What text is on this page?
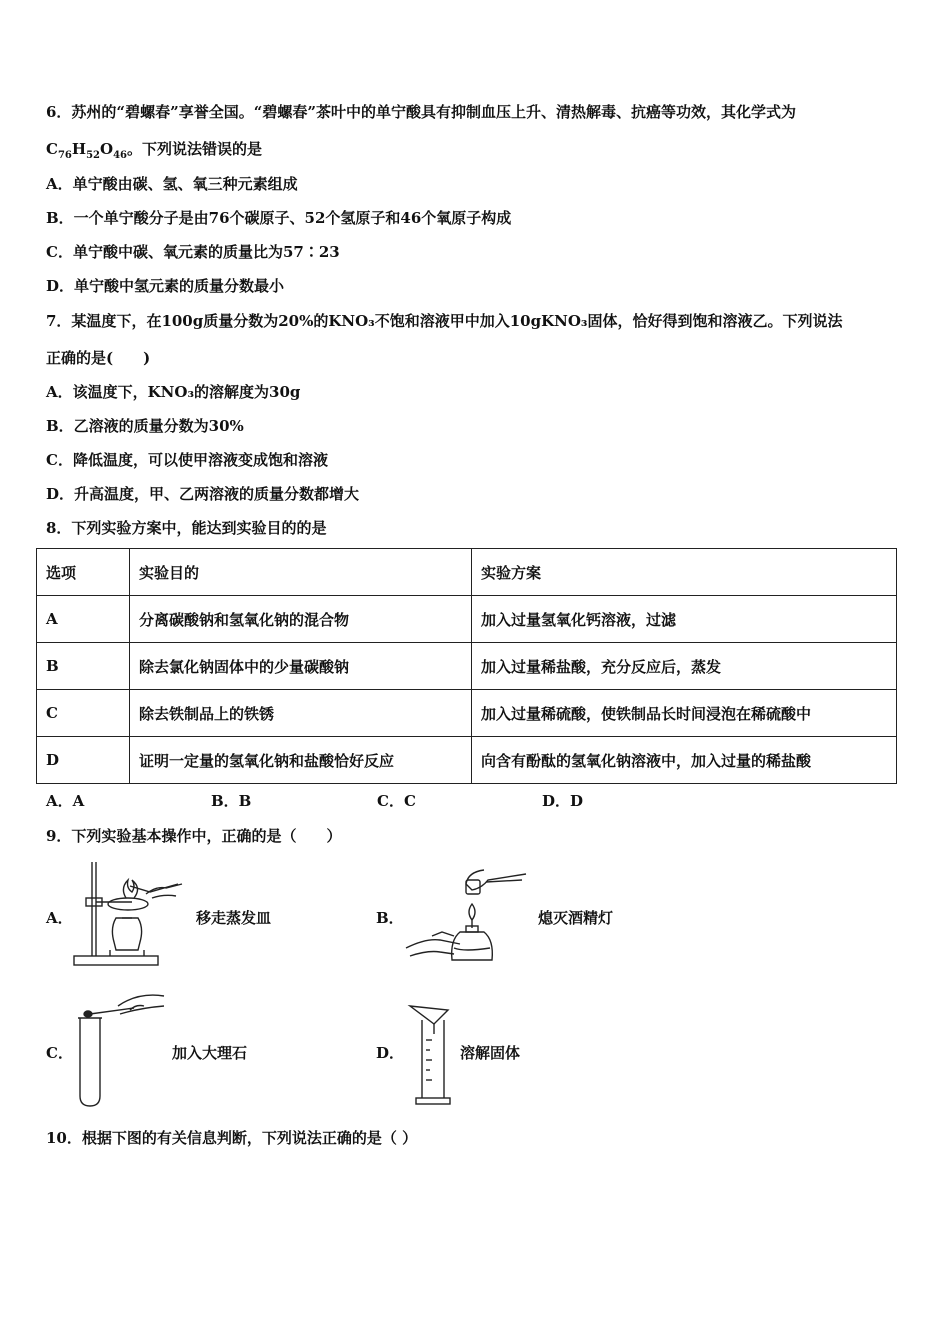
6．苏州的“碧螺春”享誉全国。“碧螺春”茶叶中的单宁酸具有抑制血压上升、清热解毒、抗癌等功效，其化学式为
$C_{76}H_{52}O_{46}$。下列说法错误的是
A．单宁酸由碳、氢、氧三种元素组成
B．一个单宁酸分子是由76个碳原子、52个氢原子和46个氧原子构成
C．单宁酸中碳、氧元素的质量比为57∶23
D．单宁酸中氢元素的质量分数最小
7．某温度下，在100g质量分数为20%的KNO₃不饱和溶液甲中加入10gKNO₃固体，恰好得到饱和溶液乙。下列说法
正确的是(　　)
A．该温度下，KNO₃的溶解度为30g
B．乙溶液的质量分数为30%
C．降低温度，可以使甲溶液变成饱和溶液
D．升高温度，甲、乙两溶液的质量分数都增大
8．下列实验方案中，能达到实验目的的是
选项	实验目的	实验方案
A	分离碳酸钠和氢氧化钠的混合物	加入过量氢氧化钙溶液，过滤
B	除去氯化钠固体中的少量碳酸钠	加入过量稀盐酸，充分反应后，蒸发
C	除去铁制品上的铁锈	加入过量稀硫酸，使铁制品长时间浸泡在稀硫酸中
D	证明一定量的氢氧化钠和盐酸恰好反应	向含有酚酞的氢氧化钠溶液中，加入过量的稀盐酸
A．A	B．B	C．C	D．D
9．下列实验基本操作中，正确的是（　　）
A．	移走蒸发皿	B．	熄灭酒精灯
C．	加入大理石	D．	溶解固体
10．根据下图的有关信息判断，下列说法正确的是（ ）
